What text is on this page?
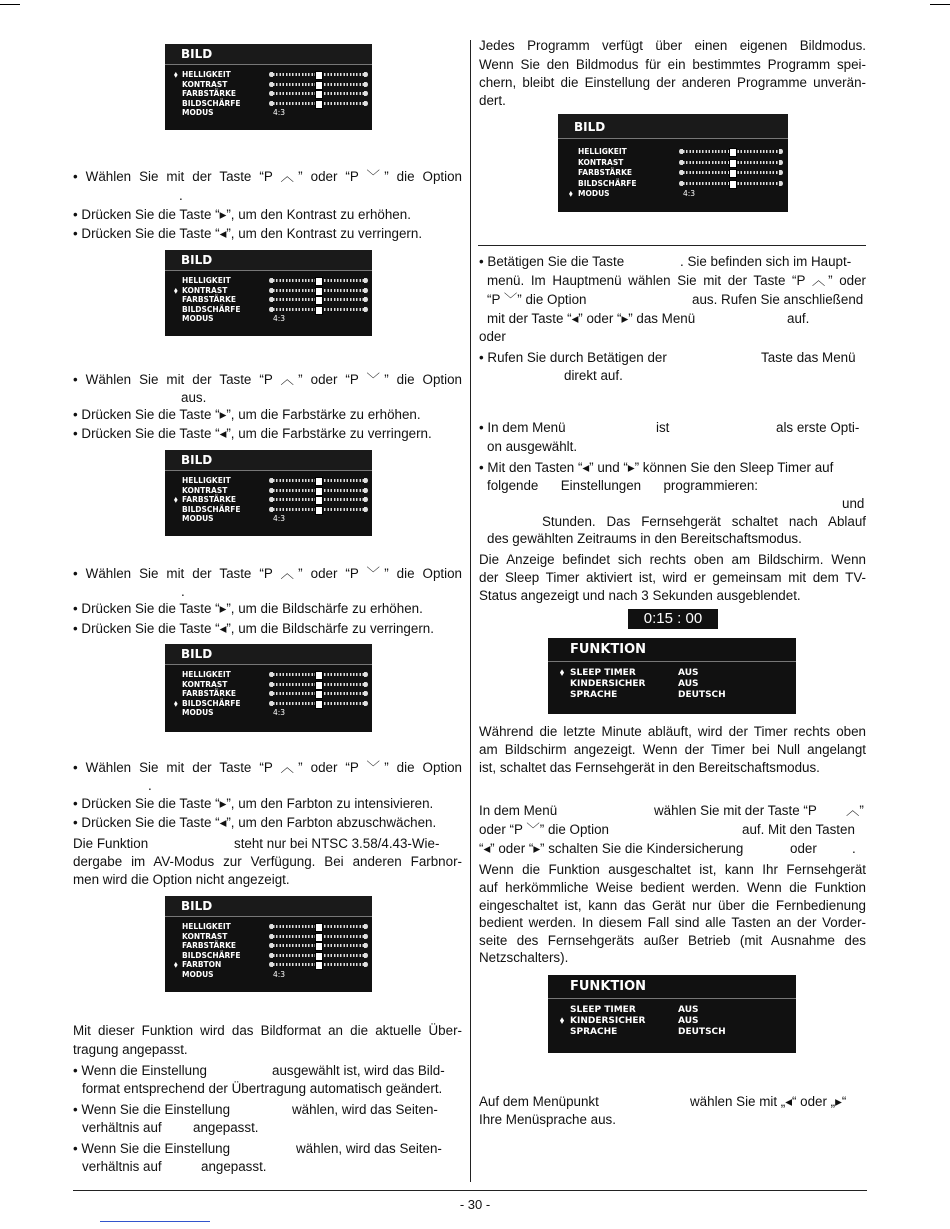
BILD
⬧ HELLIGKEIT
KONTRAST
FARBSTÄRKE
BILDSCHÄRFE
MODUS	4:3

• Wählen Sie mit der Taste “P ︿” oder “P ﹀” die Option

.

• Drücken Sie die Taste “▸”, um den Kontrast zu erhöhen.

• Drücken Sie die Taste “◂”, um den Kontrast zu verringern.

BILD
HELLIGKEIT
⬧ KONTRAST
FARBSTÄRKE
BILDSCHÄRFE
MODUS	4:3

• Wählen Sie mit der Taste “P ︿” oder “P ﹀” die Option

aus.

• Drücken Sie die Taste “▸”, um die Farbstärke zu erhöhen.

• Drücken Sie die Taste “◂”, um die Farbstärke zu verringern.

BILD
HELLIGKEIT
KONTRAST
⬧ FARBSTÄRKE
BILDSCHÄRFE
MODUS	4:3

• Wählen Sie mit der Taste “P ︿” oder “P ﹀” die Option

.

• Drücken Sie die Taste “▸”, um die Bildschärfe zu erhöhen.

• Drücken Sie die Taste “◂”, um die Bildschärfe zu verringern.

BILD
HELLIGKEIT
KONTRAST
FARBSTÄRKE
⬧ BILDSCHÄRFE
MODUS	4:3

• Wählen Sie mit der Taste “P ︿” oder “P ﹀” die Option

.

• Drücken Sie die Taste “▸”, um den Farbton zu intensivieren.

• Drücken Sie die Taste “◂”, um den Farbton abzuschwächen.

Die Funktion	steht nur bei NTSC 3.58/4.43-Wie-

dergabe im AV-Modus zur Verfügung. Bei anderen Farbnor-

men wird die Option nicht angezeigt.

BILD
HELLIGKEIT
KONTRAST
FARBSTÄRKE
BILDSCHÄRFE
⬧ FARBTON
MODUS	4:3

Mit dieser Funktion wird das Bildformat an die aktuelle Über-

tragung angepasst.

• Wenn die Einstellung	ausgewählt ist, wird das Bild-

format entsprechend der Übertragung automatisch geändert.

• Wenn Sie die Einstellung	wählen, wird das Seiten-

verhältnis auf angepasst.

• Wenn Sie die Einstellung	wählen, wird das Seiten-

verhältnis auf	angepasst.

Jedes Programm verfügt über einen eigenen Bildmodus.

Wenn Sie den Bildmodus für ein bestimmtes Programm spei-

chern, bleibt die Einstellung der anderen Programme unverän-

dert.

BILD
HELLIGKEIT
KONTRAST
FARBSTÄRKE
BILDSCHÄRFE
⬧ MODUS	4:3

• Betätigen Sie die Taste	. Sie befinden sich im Haupt-

menü. Im Hauptmenü wählen Sie mit der Taste “P ︿” oder

“P ﹀” die Option	aus. Rufen Sie anschließend

mit der Taste “◂” oder “▸” das Menü	auf.

oder

• Rufen Sie durch Betätigen der	Taste das Menü

direkt auf.

• In dem Menü	ist	als erste Opti-

on ausgewählt.

• Mit den Tasten “◂” und “▸” können Sie den Sleep Timer auf

folgende Einstellungen programmieren:

und

Stunden. Das Fernsehgerät schaltet nach Ablauf

des gewählten Zeitraums in den Bereitschaftsmodus.

Die Anzeige befindet sich rechts oben am Bildschirm. Wenn

der Sleep Timer aktiviert ist, wird er gemeinsam mit dem TV-

Status angezeigt und nach 3 Sekunden ausgeblendet.

0:15 : 00
FUNKTION
⬧ SLEEP TIMER	AUS
KINDERSICHER	AUS
SPRACHE	DEUTSCH

Während die letzte Minute abläuft, wird der Timer rechts oben

am Bildschirm angezeigt. Wenn der Timer bei Null angelangt

ist, schaltet das Fernsehgerät in den Bereitschaftsmodus.

In dem Menü	wählen Sie mit der Taste “P ︿”

oder “P ﹀” die Option	auf. Mit den Tasten

“◂” oder “▸” schalten Sie die Kindersicherung	oder	.

Wenn die Funktion ausgeschaltet ist, kann Ihr Fernsehgerät

auf herkömmliche Weise bedient werden. Wenn die Funktion

eingeschaltet ist, kann das Gerät nur über die Fernbedienung

bedient werden. In diesem Fall sind alle Tasten an der Vorder-

seite des Fernsehgeräts außer Betrieb (mit Ausnahme des

Netzschalters).

FUNKTION
SLEEP TIMER	AUS
⬧ KINDERSICHER	AUS
SPRACHE	DEUTSCH

Auf dem Menüpunkt	wählen Sie mit „◂“ oder „▸“

Ihre Menüsprache aus.

- 30 -
